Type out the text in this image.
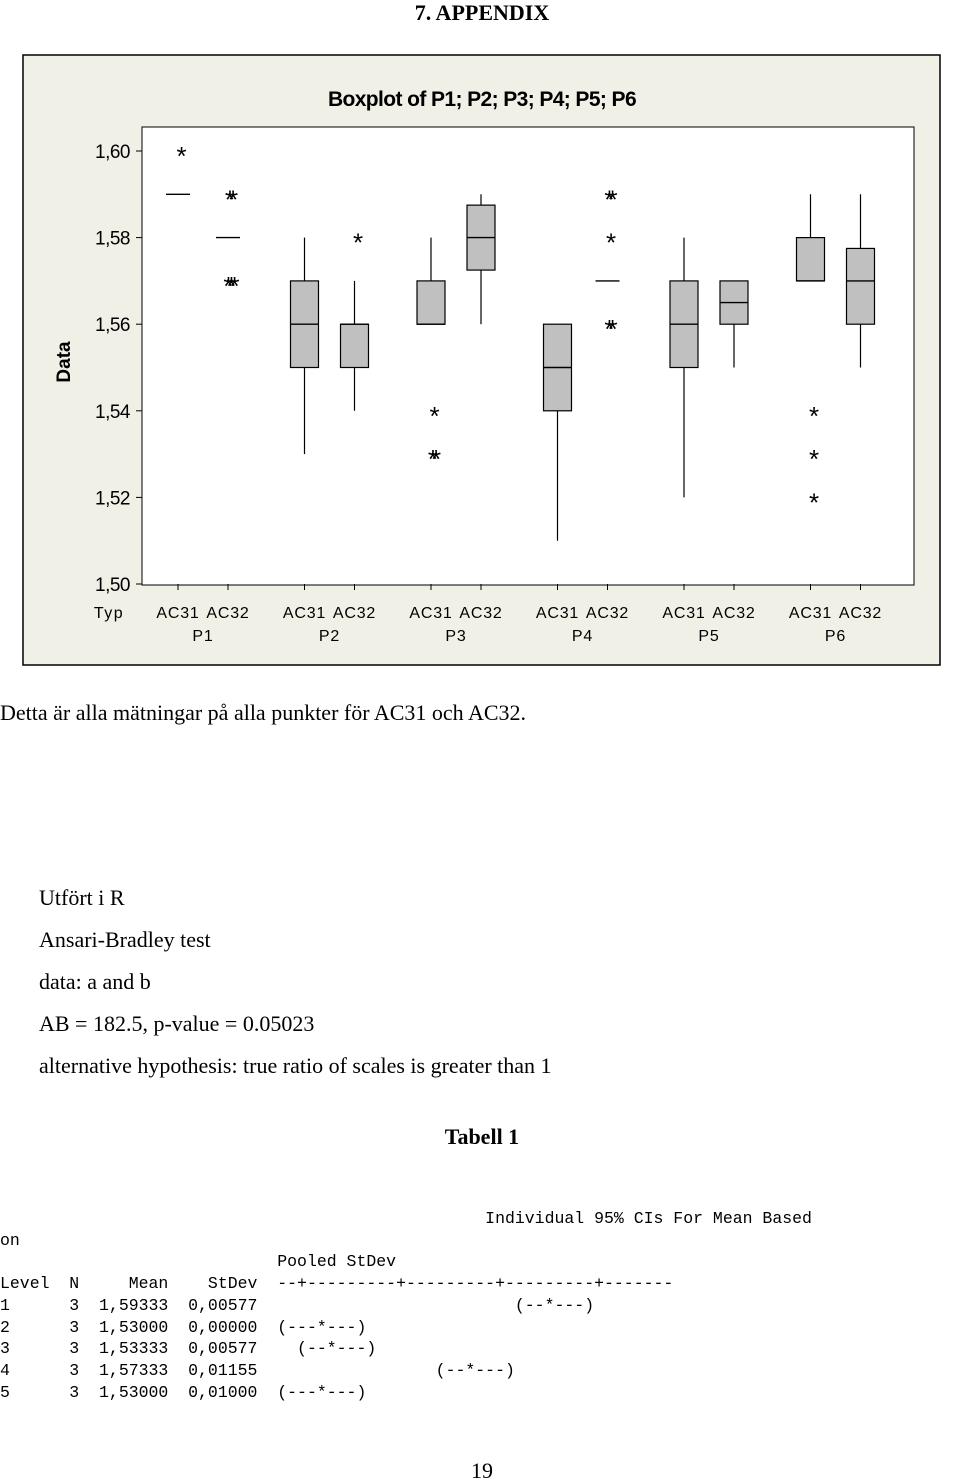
7. APPENDIX
Boxplot of P1; P2; P3; P4; P5; P6
Data
Typ
1,50
1,52
1,54
1,56
1,58
1,60 *
**
***
*
*
**
**
*
**
*
*
*
AC31 AC32
P1
AC31 AC32
P2
AC31 AC32
P3
AC31 AC32
P4
AC31 AC32
P5
AC31 AC32
P6
Detta är alla mätningar på alla punkter för AC31 och AC32.
Utfört i R
Ansari-Bradley test
data: a and b
AB = 182.5, p-value = 0.05023
alternative hypothesis: true ratio of scales is greater than 1
Tabell 1
Individual 95% CIs For Mean Based
on
Pooled StDev
Level  N     Mean    StDev  --+---------+---------+---------+-------
1      3  1,59333  0,00577                          (--*---)
2      3  1,53000  0,00000  (---*---)
3      3  1,53333  0,00577    (--*---)
4      3  1,57333  0,01155                  (--*---)
5      3  1,53000  0,01000  (---*---)
19
